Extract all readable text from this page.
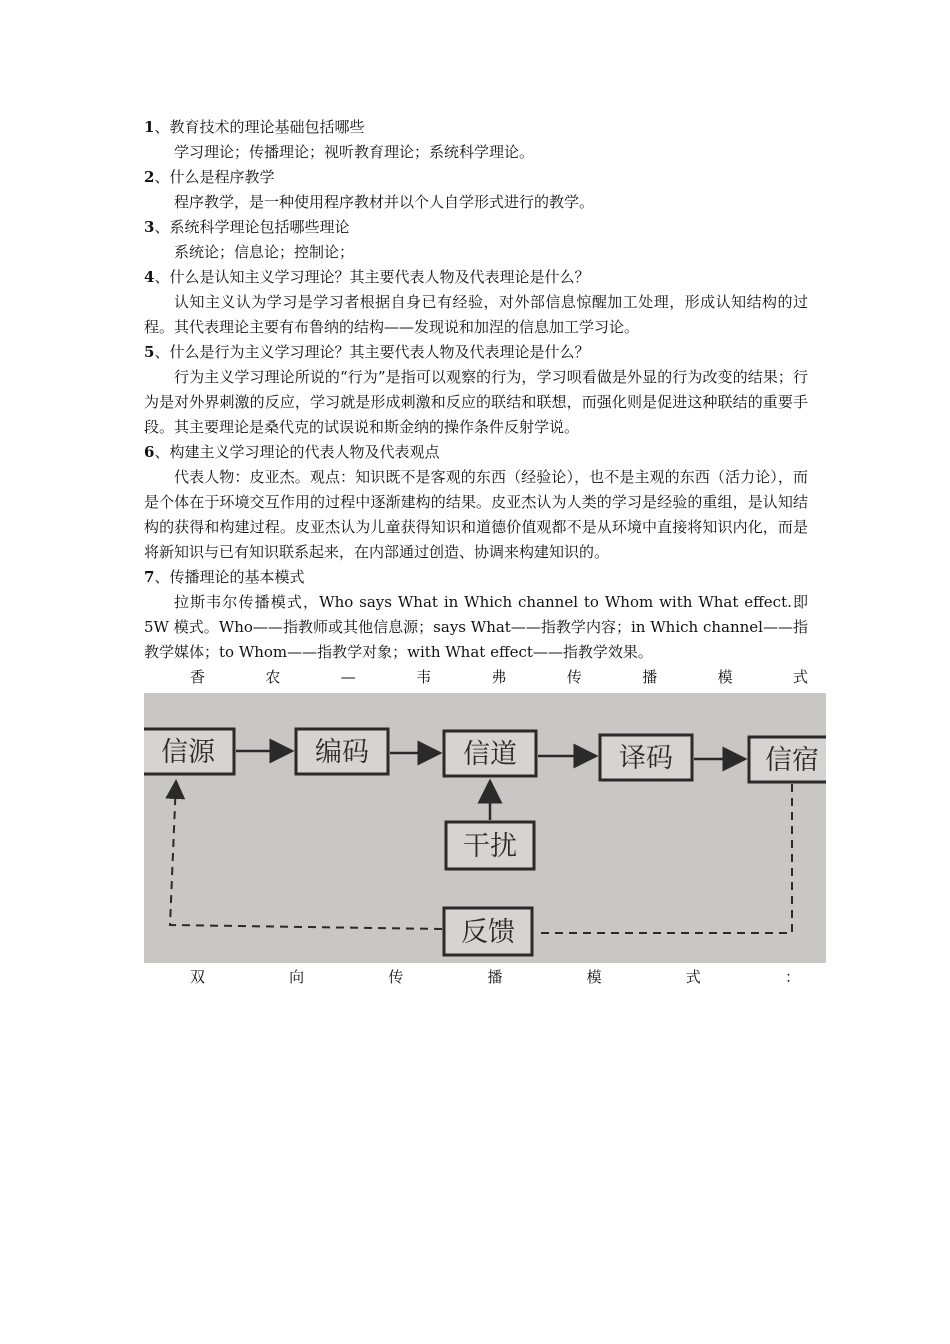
1、教育技术的理论基础包括哪些
学习理论；传播理论；视听教育理论；系统科学理论。
2、什么是程序教学
程序教学，是一种使用程序教材并以个人自学形式进行的教学。
3、系统科学理论包括哪些理论
系统论；信息论；控制论；
4、什么是认知主义学习理论？其主要代表人物及代表理论是什么？
认知主义认为学习是学习者根据自身已有经验，对外部信息惊醒加工处理，形成认知结构的过程。其代表理论主要有布鲁纳的结构——发现说和加涅的信息加工学习论。
5、什么是行为主义学习理论？其主要代表人物及代表理论是什么？
行为主义学习理论所说的“行为”是指可以观察的行为，学习呗看做是外显的行为改变的结果；行为是对外界刺激的反应，学习就是形成刺激和反应的联结和联想，而强化则是促进这种联结的重要手段。其主要理论是桑代克的试误说和斯金纳的操作条件反射学说。
6、构建主义学习理论的代表人物及代表观点
代表人物：皮亚杰。观点：知识既不是客观的东西（经验论），也不是主观的东西（活力论），而是个体在于环境交互作用的过程中逐渐建构的结果。皮亚杰认为人类的学习是经验的重组，是认知结构的获得和构建过程。皮亚杰认为儿童获得知识和道德价值观都不是从环境中直接将知识内化，而是将新知识与已有知识联系起来，在内部通过创造、协调来构建知识的。
7、传播理论的基本模式
拉斯韦尔传播模式，Who says What in Which channel to Whom with What effect.即 5W 模式。Who——指教师或其他信息源；says What——指教学内容；in Which channel——指教学媒体；to Whom——指教学对象；with What effect——指教学效果。
香	农	—	韦	弗	传	播	模	式
信源	编码	信道	译码	信宿
干扰
反馈
双	向	传	播	模	式	：
